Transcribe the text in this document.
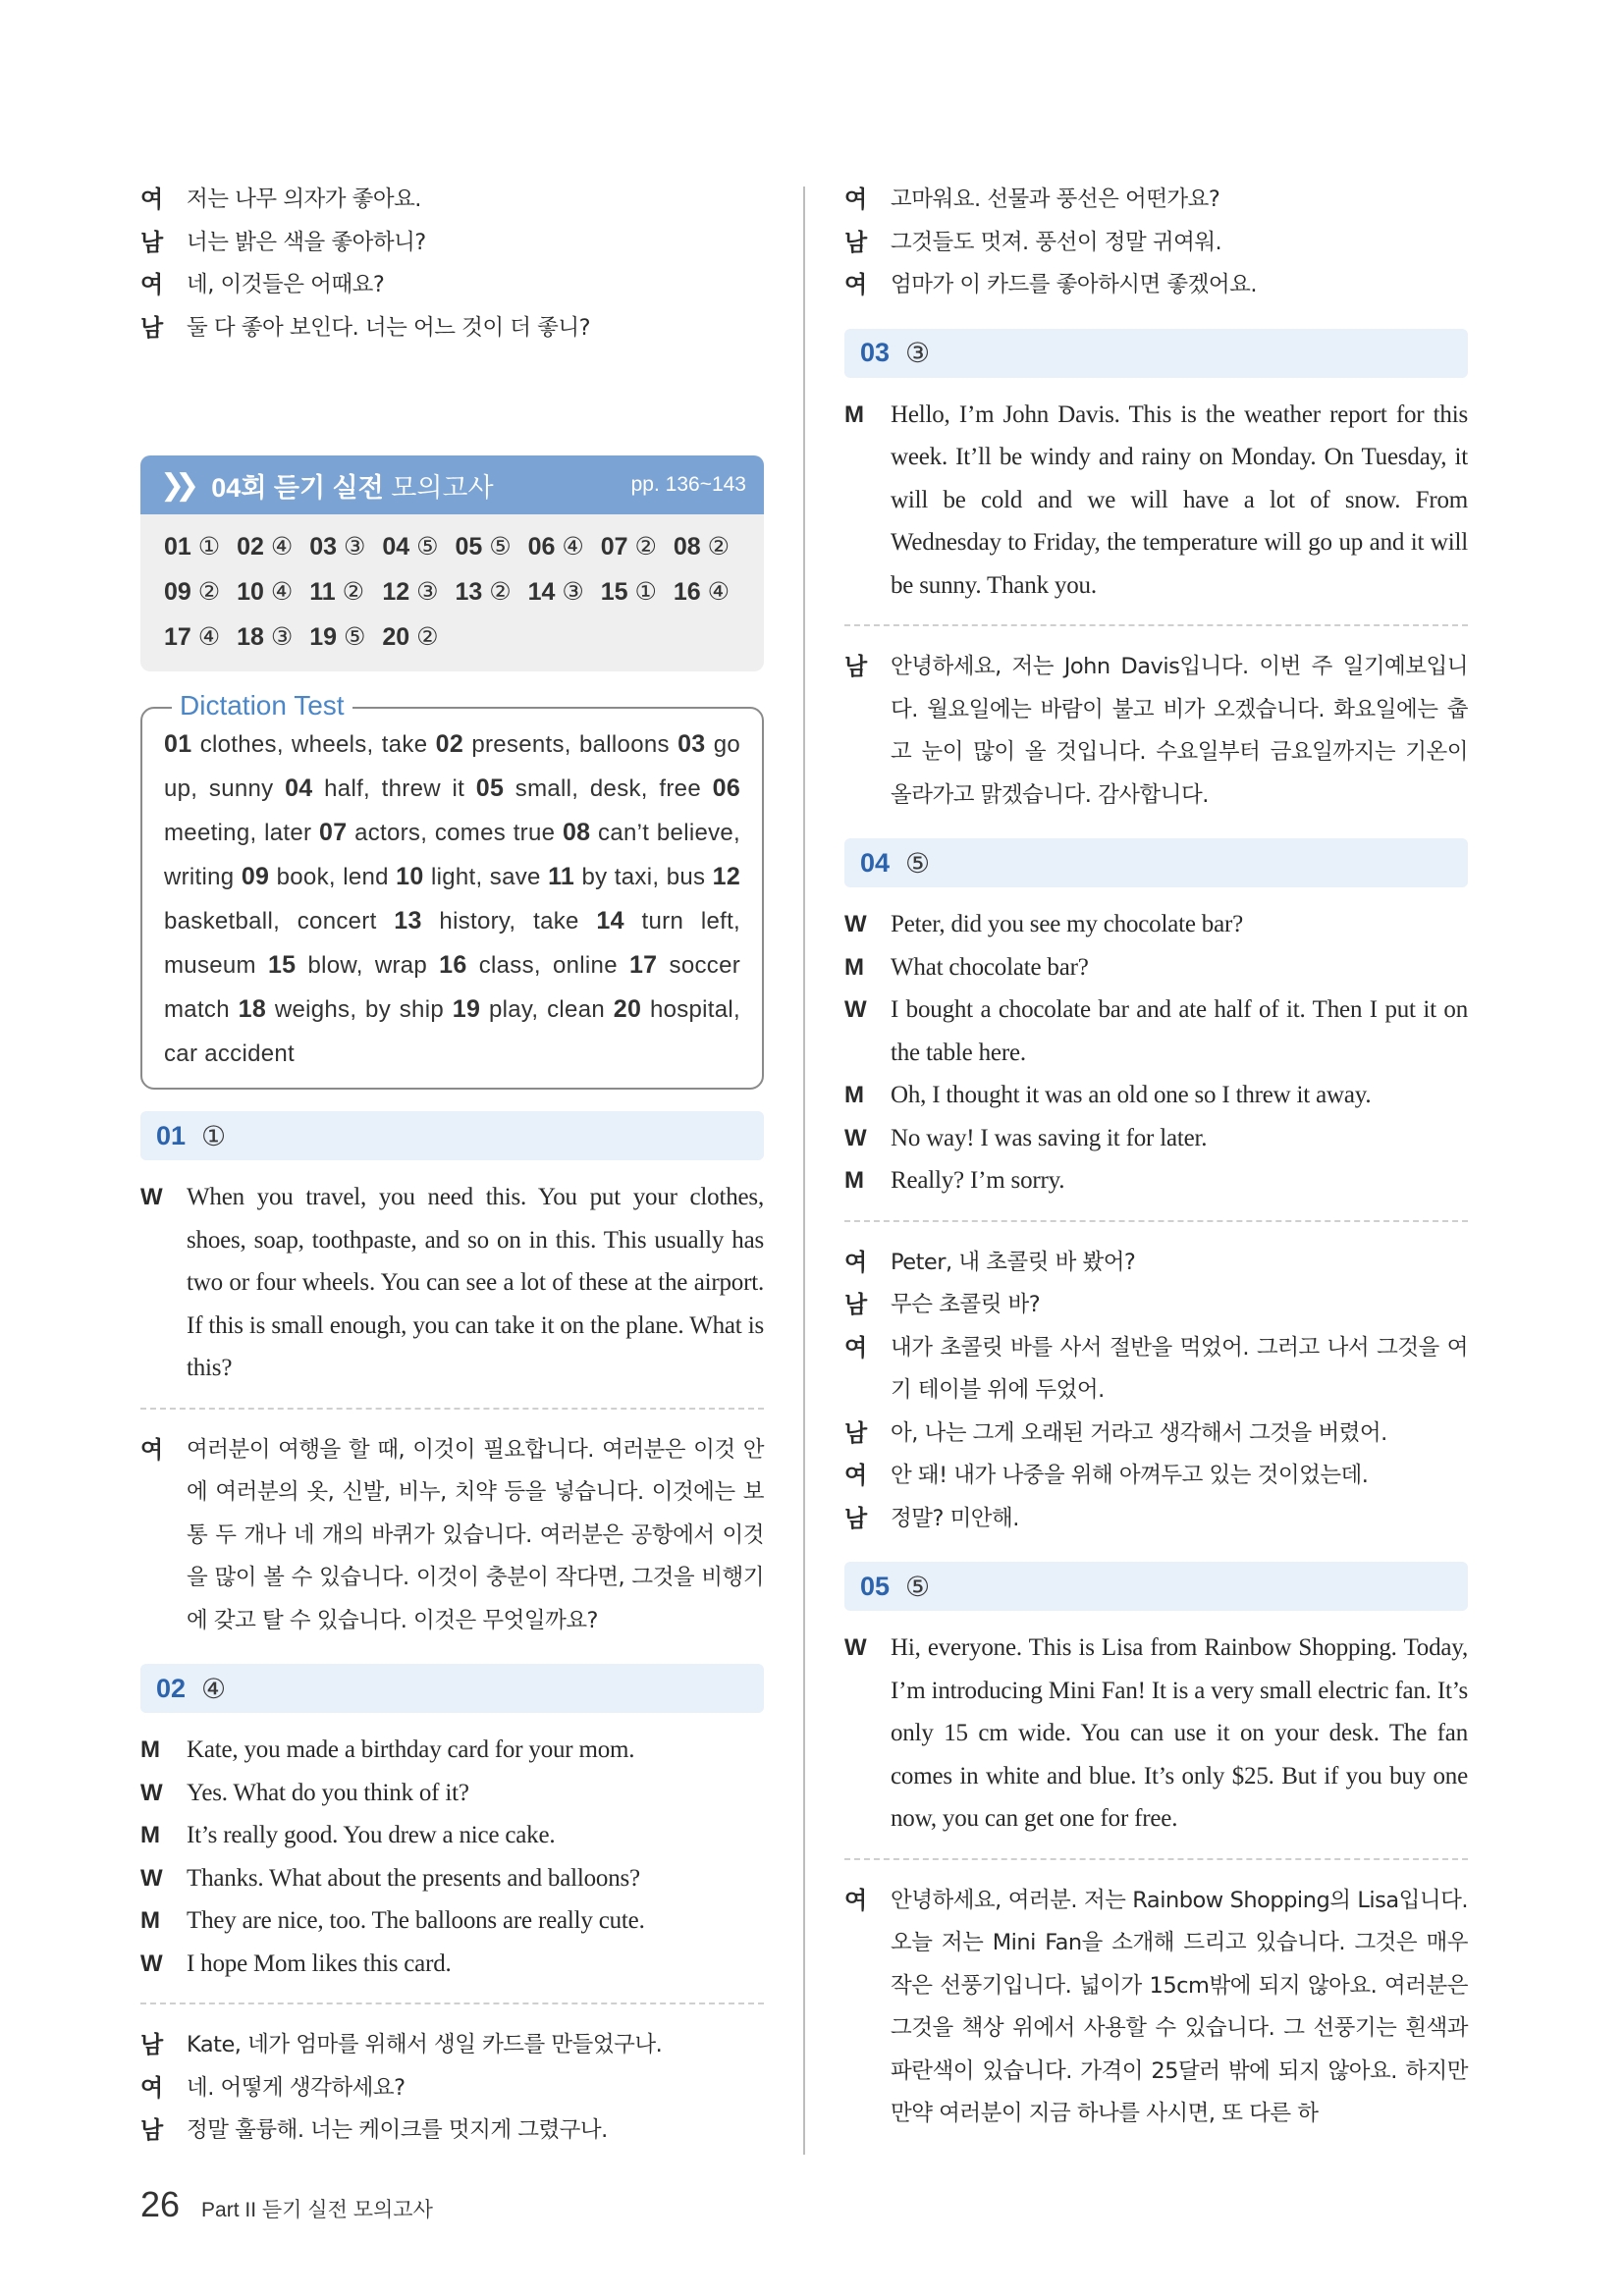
여	저는 나무 의자가 좋아요.
남	너는 밝은 색을 좋아하니?
여	네, 이것들은 어때요?
남	둘 다 좋아 보인다. 너는 어느 것이 더 좋니?
❯❯ 04회 듣기 실전 모의고사	pp. 136~143
01 ① 02 ④ 03 ③ 04 ⑤ 05 ⑤ 06 ④ 07 ② 08 ②
09 ② 10 ④ 11 ② 12 ③ 13 ② 14 ③ 15 ① 16 ④
17 ④ 18 ③ 19 ⑤ 20 ②
Dictation Test
01 clothes, wheels, take 02 presents, balloons 03 go up, sunny 04 half, threw it 05 small, desk, free 06 meeting, later 07 actors, comes true 08 can’t believe, writing 09 book, lend 10 light, save 11 by taxi, bus 12 basketball, concert 13 history, take 14 turn left, museum 15 blow, wrap 16 class, online 17 soccer match 18 weighs, by ship 19 play, clean 20 hospital, car accident
01 ①
W When you travel, you need this. You put your clothes, shoes, soap, toothpaste, and so on in this. This usually has two or four wheels. You can see a lot of these at the airport. If this is small enough, you can take it on the plane. What is this?
여	여러분이 여행을 할 때, 이것이 필요합니다. 여러분은 이것 안에 여러분의 옷, 신발, 비누, 치약 등을 넣습니다. 이것에는 보통 두 개나 네 개의 바퀴가 있습니다. 여러분은 공항에서 이것을 많이 볼 수 있습니다. 이것이 충분이 작다면, 그것을 비행기에 갖고 탈 수 있습니다. 이것은 무엇일까요?
02 ④
M	Kate, you made a birthday card for your mom.
W Yes. What do you think of it?
M	It’s really good. You drew a nice cake.
W Thanks. What about the presents and balloons?
M	They are nice, too. The balloons are really cute.
W I hope Mom likes this card.
남	Kate, 네가 엄마를 위해서 생일 카드를 만들었구나.
여	네. 어떻게 생각하세요?
남	정말 훌륭해. 너는 케이크를 멋지게 그렸구나.
여	고마워요. 선물과 풍선은 어떤가요?
남	그것들도 멋져. 풍선이 정말 귀여워.
여	엄마가 이 카드를 좋아하시면 좋겠어요.
03 ③
M	Hello, I’m John Davis. This is the weather report for this week. It’ll be windy and rainy on Monday. On Tuesday, it will be cold and we will have a lot of snow. From Wednesday to Friday, the temperature will go up and it will be sunny. Thank you.
남	안녕하세요, 저는 John Davis입니다. 이번 주 일기예보입니다. 월요일에는 바람이 불고 비가 오겠습니다. 화요일에는 춥고 눈이 많이 올 것입니다. 수요일부터 금요일까지는 기온이 올라가고 맑겠습니다. 감사합니다.
04 ⑤
W Peter, did you see my chocolate bar?
M	What chocolate bar?
W I bought a chocolate bar and ate half of it. Then I put it on the table here.
M	Oh, I thought it was an old one so I threw it away.
W No way! I was saving it for later.
M	Really? I’m sorry.
여	Peter, 내 초콜릿 바 봤어?
남	무슨 초콜릿 바?
여	내가 초콜릿 바를 사서 절반을 먹었어. 그러고 나서 그것을 여기 테이블 위에 두었어.
남	아, 나는 그게 오래된 거라고 생각해서 그것을 버렸어.
여	안 돼! 내가 나중을 위해 아껴두고 있는 것이었는데.
남	정말? 미안해.
05 ⑤
W Hi, everyone. This is Lisa from Rainbow Shopping. Today, I’m introducing Mini Fan! It is a very small electric fan. It’s only 15 cm wide. You can use it on your desk. The fan comes in white and blue. It’s only $25. But if you buy one now, you can get one for free.
여	안녕하세요, 여러분. 저는 Rainbow Shopping의 Lisa입니다. 오늘 저는 Mini Fan을 소개해 드리고 있습니다. 그것은 매우 작은 선풍기입니다. 넓이가 15cm밖에 되지 않아요. 여러분은 그것을 책상 위에서 사용할 수 있습니다. 그 선풍기는 흰색과 파란색이 있습니다. 가격이 25달러 밖에 되지 않아요. 하지만 만약 여러분이 지금 하나를 사시면, 또 다른 하
26 Part II 듣기 실전 모의고사
